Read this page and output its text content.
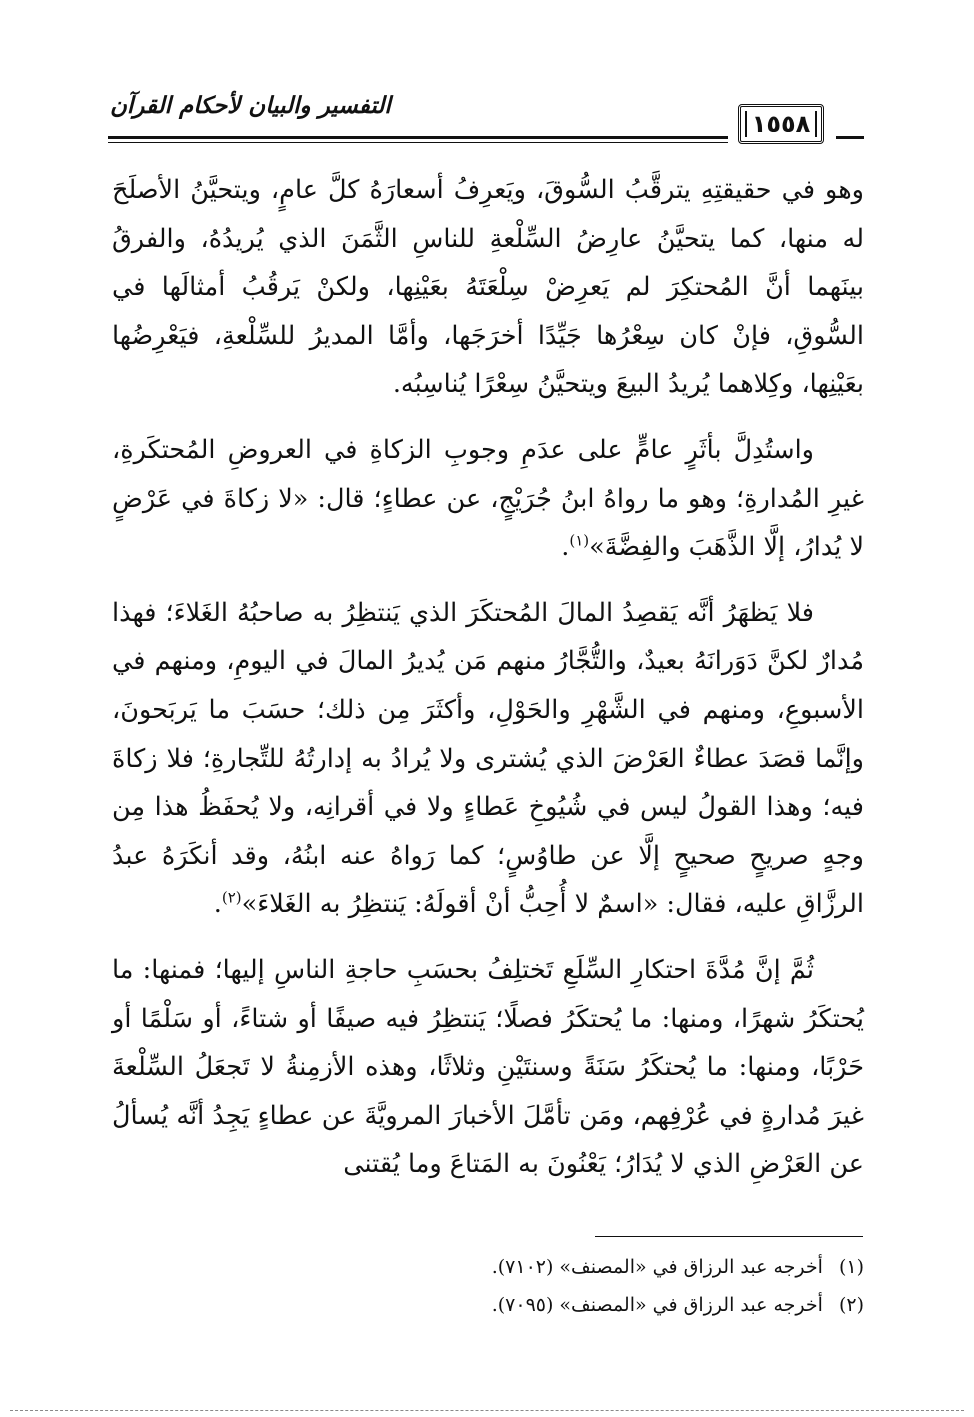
التفسير والبيان لأحكام القرآن
١٥٥٨

وهو في حقيقتِهِ يترقَّبُ السُّوقَ، ويَعرِفُ أسعارَهُ كلَّ عامٍ، ويتحيَّنُ الأصلَحَ له منها، كما يتحيَّنُ عارِضُ السِّلْعةِ للناسِ الثَّمَنَ الذي يُريدُهُ، والفرقُ بينَهما أنَّ المُحتكِرَ لم يَعرِضْ سِلْعَتَهُ بعَيْنِها، ولكنْ يَرقُبُ أمثالَها في السُّوقِ، فإنْ كان سِعْرُها جَيِّدًا أخرَجَها، وأمَّا المديرُ للسِّلْعةِ، فيَعْرِضُها بعَيْنِها، وكِلاهما يُريدُ البيعَ ويتحيَّنُ سِعْرًا يُناسِبُه.

واستُدِلَّ بأثَرٍ عامٍّ على عدَمِ وجوبِ الزكاةِ في العروضِ المُحتكَرةِ، غيرِ المُدارةِ؛ وهو ما رواهُ ابنُ جُرَيْجٍ، عن عطاءٍ؛ قال: «لا زكاةَ في عَرْضٍ لا يُدارُ، إلَّا الذَّهَبَ والفِضَّةَ»$^{(١)}$.

فلا يَظهَرُ أنَّه يَقصِدُ المالَ المُحتكَرَ الذي يَنتظِرُ به صاحبُهُ الغَلاءَ؛ فهذا مُدارٌ لكنَّ دَوَرانَهُ بعيدٌ، والتُّجَّارُ منهم مَن يُديرُ المالَ في اليومِ، ومنهم في الأسبوعِ، ومنهم في الشَّهْرِ والحَوْلِ، وأكثَرَ مِن ذلك؛ حسَبَ ما يَربَحونَ، وإنَّما قصَدَ عطاءٌ العَرْضَ الذي يُشترى ولا يُرادُ به إدارتُهُ للتِّجارةِ؛ فلا زكاةَ فيه؛ وهذا القولُ ليس في شُيُوخِ عَطاءٍ ولا في أقرانِه، ولا يُحفَظُ هذا مِن وجهٍ صريحٍ صحيحٍ إلَّا عن طاوُسٍ؛ كما رَواهُ عنه ابنُهُ، وقد أنكَرَهُ عبدُ الرزَّاقِ عليه، فقال: «اسمٌ لا أُحِبُّ أنْ أقولَهُ: يَنتظِرُ به الغَلاءَ»$^{(٢)}$.

ثُمَّ إنَّ مُدَّةَ احتكارِ السِّلَعِ تَختلِفُ بحسَبِ حاجةِ الناسِ إليها؛ فمنها: ما يُحتكَرُ شهرًا، ومنها: ما يُحتكَرُ فصلًا؛ يَنتظِرُ فيه صيفًا أو شتاءً، أو سَلْمًا أو حَرْبًا، ومنها: ما يُحتكَرُ سَنَةً وسنتَيْنِ وثلاثًا، وهذه الأزمِنةُ لا تَجعَلُ السِّلْعةَ غيرَ مُدارةٍ في عُرْفِهم، ومَن تأمَّلَ الأخبارَ المرويَّةَ عن عطاءٍ يَجِدُ أنَّه يُسألُ عن العَرْضِ الذي لا يُدَارُ؛ يَعْنُونَ به المَتاعَ وما يُقتنى

(١)أخرجه عبد الرزاق في «المصنف» (٧١٠٢).
(٢)أخرجه عبد الرزاق في «المصنف» (٧٠٩٥).
